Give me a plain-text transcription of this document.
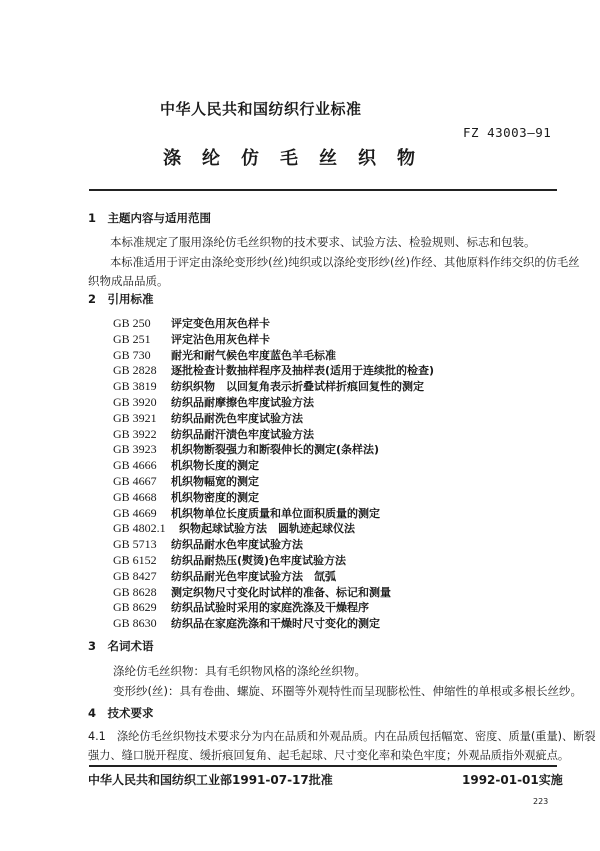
中华人民共和国纺织行业标准
FZ 43003—91
涤纶仿毛丝织物
1　主题内容与适用范围
本标准规定了服用涤纶仿毛丝织物的技术要求、试验方法、检验规则、标志和包装。
本标准适用于评定由涤纶变形纱(丝)纯织或以涤纶变形纱(丝)作经、其他原料作纬交织的仿毛丝
织物成品品质。
2　引用标准
GB 250 评定变色用灰色样卡
GB 251 评定沾色用灰色样卡
GB 730 耐光和耐气候色牢度蓝色羊毛标准
GB 2828 逐批检查计数抽样程序及抽样表(适用于连续批的检查)
GB 3819 纺织织物　以回复角表示折叠试样折痕回复性的测定
GB 3920 纺织品耐摩擦色牢度试验方法
GB 3921 纺织品耐洗色牢度试验方法
GB 3922 纺织品耐汗渍色牢度试验方法
GB 3923 机织物断裂强力和断裂伸长的测定(条样法)
GB 4666 机织物长度的测定
GB 4667 机织物幅宽的测定
GB 4668 机织物密度的测定
GB 4669 机织物单位长度质量和单位面积质量的测定
GB 4802.1 织物起球试验方法　圆轨迹起球仪法
GB 5713 纺织品耐水色牢度试验方法
GB 6152 纺织品耐热压(熨烫)色牢度试验方法
GB 8427 纺织品耐光色牢度试验方法　氙弧
GB 8628 测定织物尺寸变化时试样的准备、标记和测量
GB 8629 纺织品试验时采用的家庭洗涤及干燥程序
GB 8630 纺织品在家庭洗涤和干燥时尺寸变化的测定
3　名词术语
涤纶仿毛丝织物：具有毛织物风格的涤纶丝织物。
变形纱(丝)：具有卷曲、螺旋、环圈等外观特性而呈现膨松性、伸缩性的单根或多根长丝纱。
4　技术要求
4.1　涤纶仿毛丝织物技术要求分为内在品质和外观品质。内在品质包括幅宽、密度、质量(重量)、断裂
强力、缝口脱开程度、缓折痕回复角、起毛起球、尺寸变化率和染色牢度；外观品质指外观疵点。
中华人民共和国纺织工业部1991-07-17批准	1992-01-01实施
223
